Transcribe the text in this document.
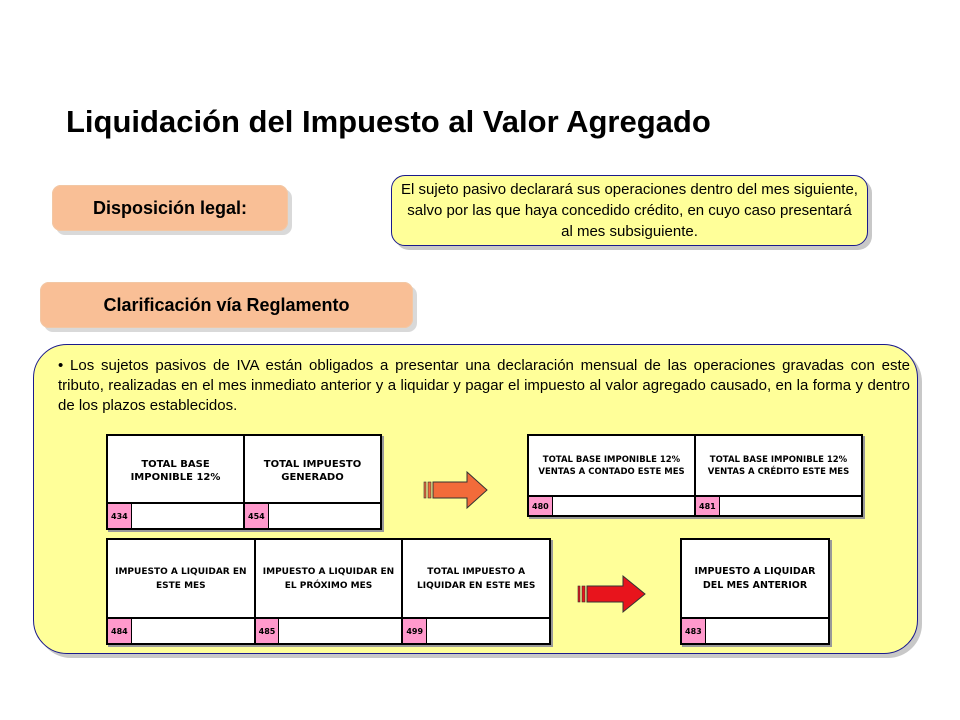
Liquidación del Impuesto al Valor Agregado
Disposición legal:
El sujeto pasivo declarará sus operaciones dentro del mes siguiente, salvo por las que haya concedido crédito, en cuyo caso presentará al mes subsiguiente.
Clarificación vía Reglamento
• Los sujetos pasivos de IVA están obligados a presentar una declaración mensual de las operaciones gravadas con este tributo, realizadas en el mes inmediato anterior y a liquidar y pagar el impuesto al valor agregado causado, en la forma y dentro de los plazos establecidos.
TOTAL BASE IMPONIBLE 12%
434
TOTAL IMPUESTO GENERADO
454
TOTAL BASE IMPONIBLE 12% VENTAS A CONTADO ESTE MES
480
TOTAL BASE IMPONIBLE 12% VENTAS A CRÉDITO ESTE MES
481
IMPUESTO A LIQUIDAR EN ESTE MES
484
IMPUESTO A LIQUIDAR EN EL PRÓXIMO MES
485
TOTAL IMPUESTO A LIQUIDAR EN ESTE MES
499
IMPUESTO A LIQUIDAR DEL MES ANTERIOR
483
